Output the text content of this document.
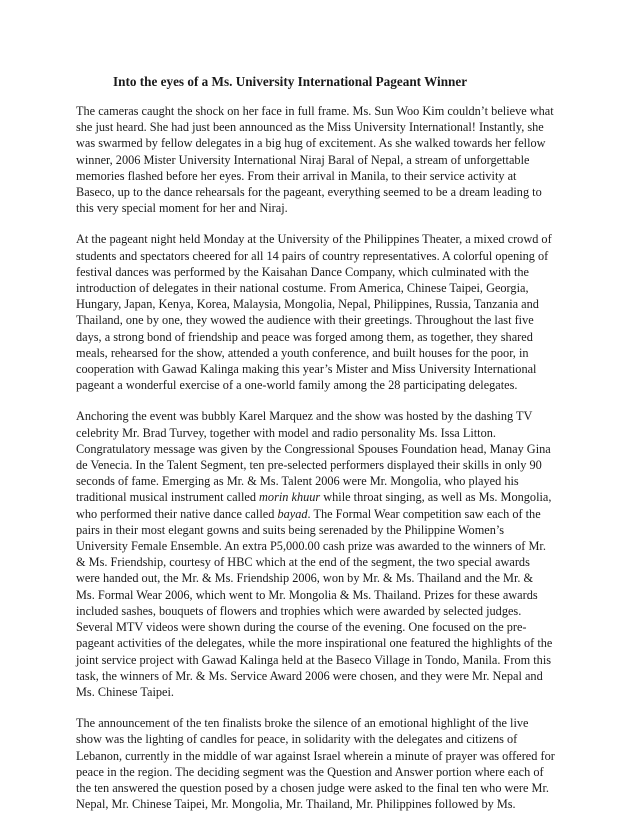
Into the eyes of a Ms. University International Pageant Winner
The cameras caught the shock on her face in full frame. Ms. Sun Woo Kim couldn’t believe what
she just heard. She had just been announced as the Miss University International! Instantly, she
was swarmed by fellow delegates in a big hug of excitement. As she walked towards her fellow
winner, 2006 Mister University International Niraj Baral of Nepal, a stream of unforgettable
memories flashed before her eyes. From their arrival in Manila, to their service activity at
Baseco, up to the dance rehearsals for the pageant, everything seemed to be a dream leading to
this very special moment for her and Niraj.
At the pageant night held Monday at the University of the Philippines Theater, a mixed crowd of
students and spectators cheered for all 14 pairs of country representatives. A colorful opening of
festival dances was performed by the Kaisahan Dance Company, which culminated with the
introduction of delegates in their national costume. From America, Chinese Taipei, Georgia,
Hungary, Japan, Kenya, Korea, Malaysia, Mongolia, Nepal, Philippines, Russia, Tanzania and
Thailand, one by one, they wowed the audience with their greetings. Throughout the last five
days, a strong bond of friendship and peace was forged among them, as together, they shared
meals, rehearsed for the show, attended a youth conference, and built houses for the poor, in
cooperation with Gawad Kalinga making this year’s Mister and Miss University International
pageant a wonderful exercise of a one-world family among the 28 participating delegates.
Anchoring the event was bubbly Karel Marquez and the show was hosted by the dashing TV
celebrity Mr. Brad Turvey, together with model and radio personality Ms. Issa Litton.
Congratulatory message was given by the Congressional Spouses Foundation head, Manay Gina
de Venecia. In the Talent Segment, ten pre-selected performers displayed their skills in only 90
seconds of fame. Emerging as Mr. & Ms. Talent 2006 were Mr. Mongolia, who played his
traditional musical instrument called morin khuur while throat singing, as well as Ms. Mongolia,
who performed their native dance called bayad. The Formal Wear competition saw each of the
pairs in their most elegant gowns and suits being serenaded by the Philippine Women’s
University Female Ensemble. An extra P5,000.00 cash prize was awarded to the winners of Mr.
& Ms. Friendship, courtesy of HBC which at the end of the segment, the two special awards
were handed out, the Mr. & Ms. Friendship 2006, won by Mr. & Ms. Thailand and the Mr. &
Ms. Formal Wear 2006, which went to Mr. Mongolia & Ms. Thailand. Prizes for these awards
included sashes, bouquets of flowers and trophies which were awarded by selected judges.
Several MTV videos were shown during the course of the evening. One focused on the pre-
pageant activities of the delegates, while the more inspirational one featured the highlights of the
joint service project with Gawad Kalinga held at the Baseco Village in Tondo, Manila. From this
task, the winners of Mr. & Ms. Service Award 2006 were chosen, and they were Mr. Nepal and
Ms. Chinese Taipei.
The announcement of the ten finalists broke the silence of an emotional highlight of the live
show was the lighting of candles for peace, in solidarity with the delegates and citizens of
Lebanon, currently in the middle of war against Israel wherein a minute of prayer was offered for
peace in the region. The deciding segment was the Question and Answer portion where each of
the ten answered the question posed by a chosen judge were asked to the final ten who were Mr.
Nepal, Mr. Chinese Taipei, Mr. Mongolia, Mr. Thailand, Mr. Philippines followed by Ms.
